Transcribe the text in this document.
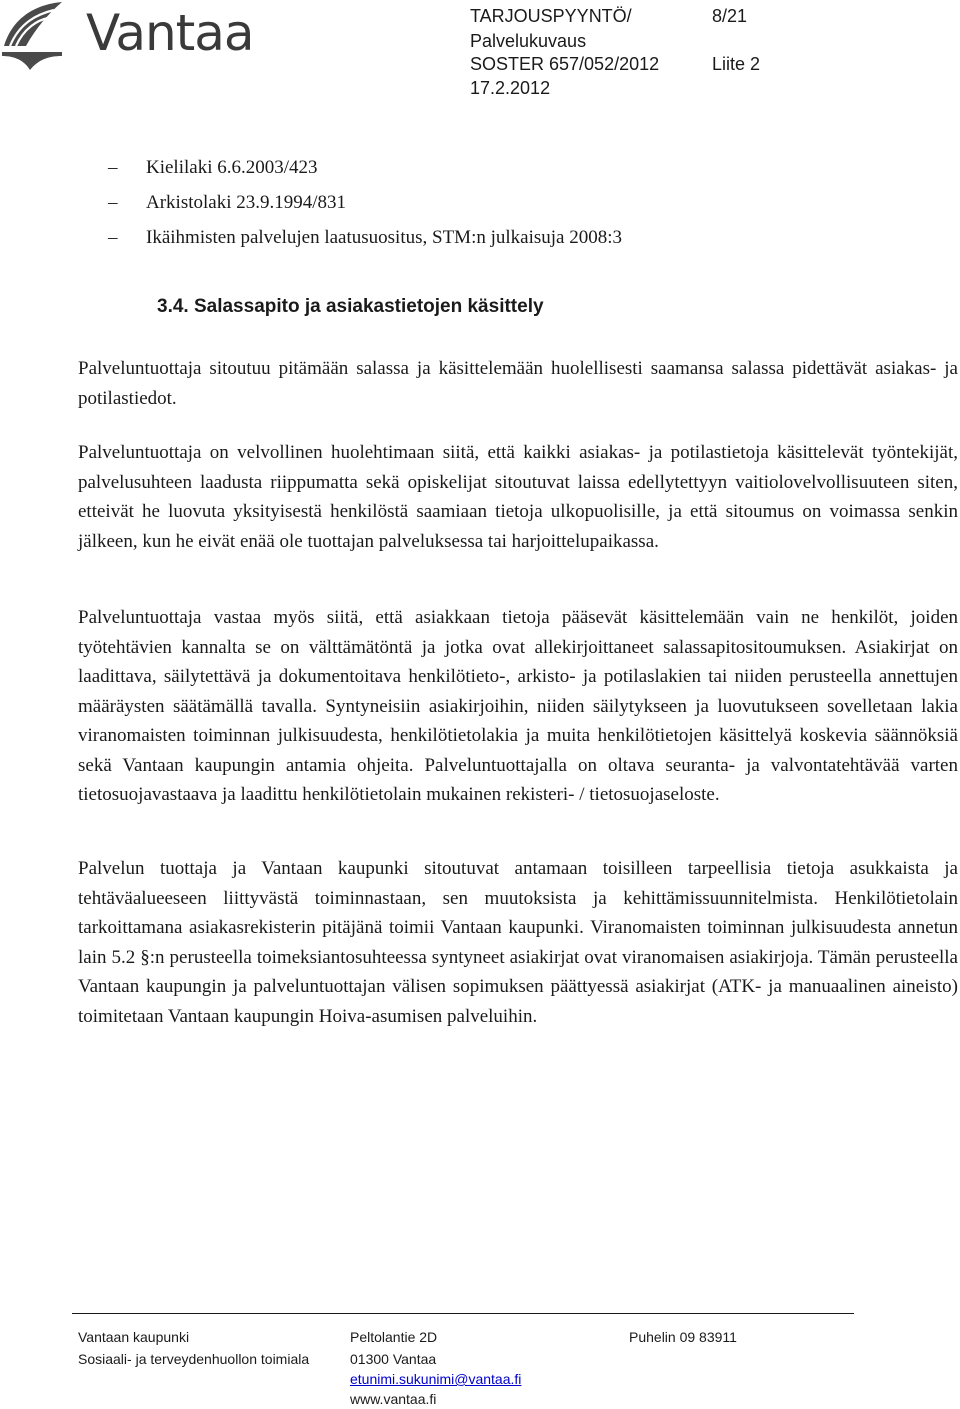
Vantaa	TARJOUSPYYNTÖ/	8/21
Palvelukuvaus
SOSTER 657/052/2012	Liite 2
17.2.2012
– Kielilaki 6.6.2003/423
– Arkistolaki 23.9.1994/831
– Ikäihmisten palvelujen laatusuositus, STM:n julkaisuja 2008:3
3.4. Salassapito ja asiakastietojen käsittely

Palveluntuottaja sitoutuu pitämään salassa ja käsittelemään huolellisesti saamansa salassa pidettävät asiakas- ja potilastiedot.

Palveluntuottaja on velvollinen huolehtimaan siitä, että kaikki asiakas- ja potilastietoja käsittelevät työntekijät, palvelusuhteen laadusta riippumatta sekä opiskelijat sitoutuvat laissa edellytettyyn vaitiolovelvollisuuteen siten, etteivät he luovuta yksityisestä henkilöstä saamiaan tietoja ulkopuolisille, ja että sitoumus on voimassa senkin jälkeen, kun he eivät enää ole tuottajan palveluksessa tai harjoittelupaikassa.

Palveluntuottaja vastaa myös siitä, että asiakkaan tietoja pääsevät käsittelemään vain ne henkilöt, joiden työtehtävien kannalta se on välttämätöntä ja jotka ovat allekirjoittaneet salassapitositoumuksen. Asiakirjat on laadittava, säilytettävä ja dokumentoitava henkilötieto-, arkisto- ja potilaslakien tai niiden perusteella annettujen määräysten säätämällä tavalla. Syntyneisiin asiakirjoihin, niiden säilytykseen ja luovutukseen sovelletaan lakia viranomaisten toiminnan julkisuudesta, henkilötietolakia ja muita henkilötietojen käsittelyä koskevia säännöksiä sekä Vantaan kaupungin antamia ohjeita. Palveluntuottajalla on oltava seuranta- ja valvontatehtävää varten tietosuojavastaava ja laadittu henkilötietolain mukainen rekisteri- / tietosuojaseloste.

Palvelun tuottaja ja Vantaan kaupunki sitoutuvat antamaan toisilleen tarpeellisia tietoja asukkaista ja tehtäväalueeseen liittyvästä toiminnastaan, sen muutoksista ja kehittämissuunnitelmista. Henkilötietolain tarkoittamana asiakasrekisterin pitäjänä toimii Vantaan kaupunki. Viranomaisten toiminnan julkisuudesta annetun lain 5.2 §:n perusteella toimeksiantosuhteessa syntyneet asiakirjat ovat viranomaisen asiakirjoja. Tämän perusteella Vantaan kaupungin ja palveluntuottajan välisen sopimuksen päättyessä asiakirjat (ATK- ja manuaalinen aineisto) toimitetaan Vantaan kaupungin Hoiva-asumisen palveluihin.

Vantaan kaupunki
Sosiaali- ja terveydenhuollon toimiala
Peltolantie 2D
01300 Vantaa
etunimi.sukunimi@vantaa.fi
www.vantaa.fi
Puhelin 09 83911
